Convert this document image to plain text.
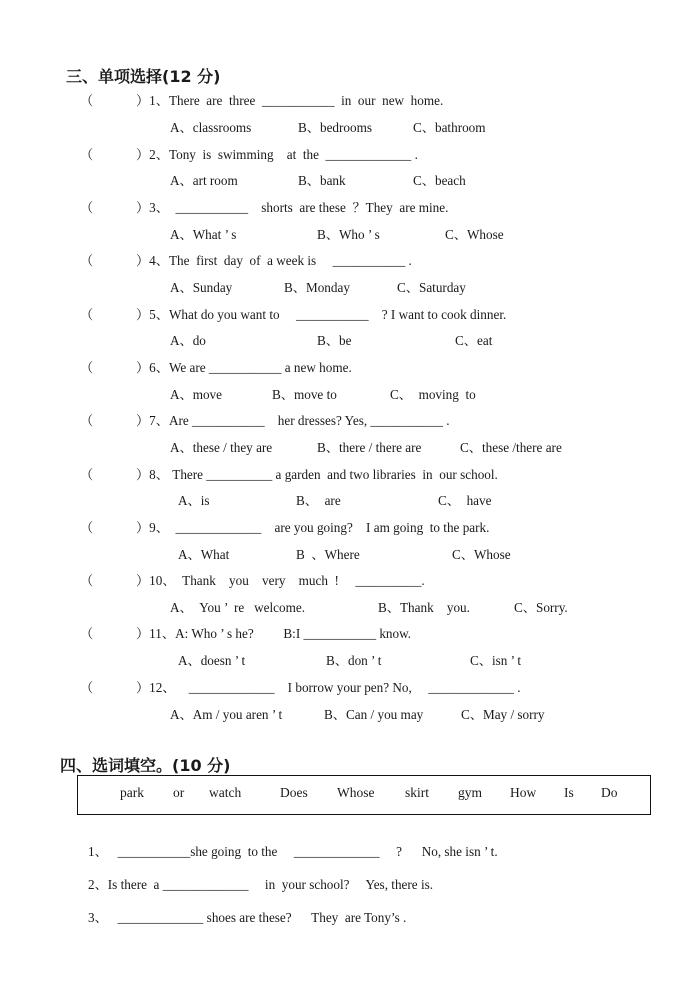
三、单项选择(12 分)
（	）1、There  are  three  ___________  in  our  new  home.
A、classrooms	B、bedrooms	C、bathroom
（	）2、Tony  is  swimming    at  the  _____________ .
A、art room	B、bank	C、beach
（	）3、  ___________    shorts  are these  ？They  are mine.
A、What ’ s	B、Who ’ s	C、Whose
（	）4、The  first  day  of  a week is     ___________ .
A、Sunday	B、Monday	C、Saturday
（	）5、What do you want to     ___________    ? I want to cook dinner.
A、do	B、be	C、eat
（	）6、We are ___________ a new home.
A、move	B、move to	C、  moving  to
（	）7、Are ___________    her dresses? Yes, ___________ .
A、these / they are	B、there / there are	C、these /there are
（	）8、 There __________ a garden  and two libraries  in  our school.
A、is	B、  are	C、  have
（	）9、  _____________    are you going?    I am going  to the park.
A、What	B  、Where	C、Whose
（	）10、  Thank    you    very    much  !     __________.
A、  You ’  re   welcome.	B、Thank    you.	C、Sorry.
（	）11、A: Who ’ s he?         B:I ___________ know.
A、doesn ’ t	B、don ’ t	C、isn ’ t
（	）12、    _____________    I borrow your pen? No,     _____________ .
A、Am / you aren ’ t	B、Can / you may	C、May / sorry
四、选词填空。(10 分)
park or watch	Does Whose skirt gym How Is Do
1、   ___________she going  to the     _____________     ?      No, she isn ’ t.
2、Is there  a _____________     in  your school?     Yes, there is.
3、   _____________ shoes are these?      They  are Tony’s .
